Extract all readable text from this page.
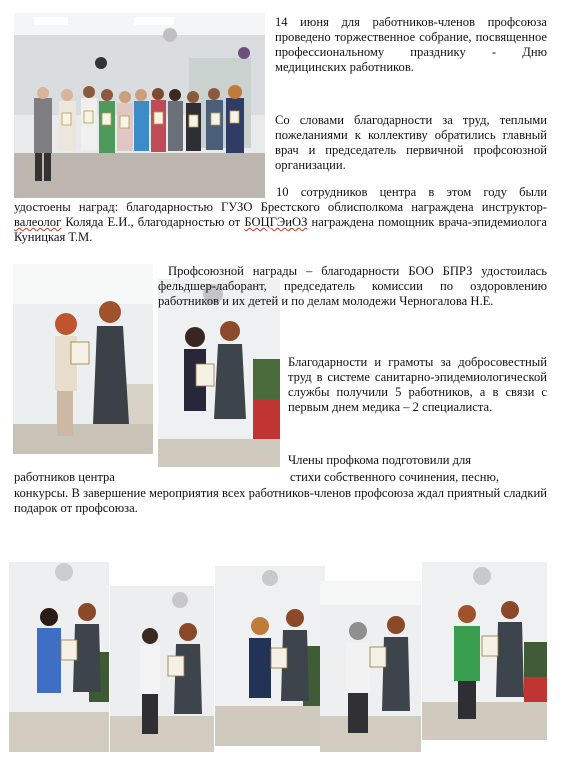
14 июня для работников-членов профсоюза проведено торжественное собрание, посвященное профессиональному празднику - Дню медицинских работников.

Со словами благодарности за труд, теплыми пожеланиями к коллективу обратились главный врач и председатель первичной профсоюзной организации.

10 сотрудников центра в этом году были удостоены наград: благодарностью ГУЗО Брестского облисполкома награждена инструктор-валеолог Коляда Е.И., благодарностью от БОЦГЭиОЗ награждена помощник врача-эпидемиолога Куницкая Т.М.

Профсоюзной награды – благодарности БОО БПРЗ удостоилась фельдшер-лаборант, председатель комиссии по оздоровлению работников и их детей и по делам молодежи Черногалова Н.Е.

Благодарности и грамоты за добросовестный труд в системе санитарно-эпидемиологической службы получили 5 работников, а в связи с первым днем медика – 2 специалиста.

Члены профкома подготовили для

работников центра	стихи собственного сочинения, песню,

конкурсы. В завершение мероприятия всех работников-членов профсоюза ждал приятный сладкий подарок от профсоюза.
